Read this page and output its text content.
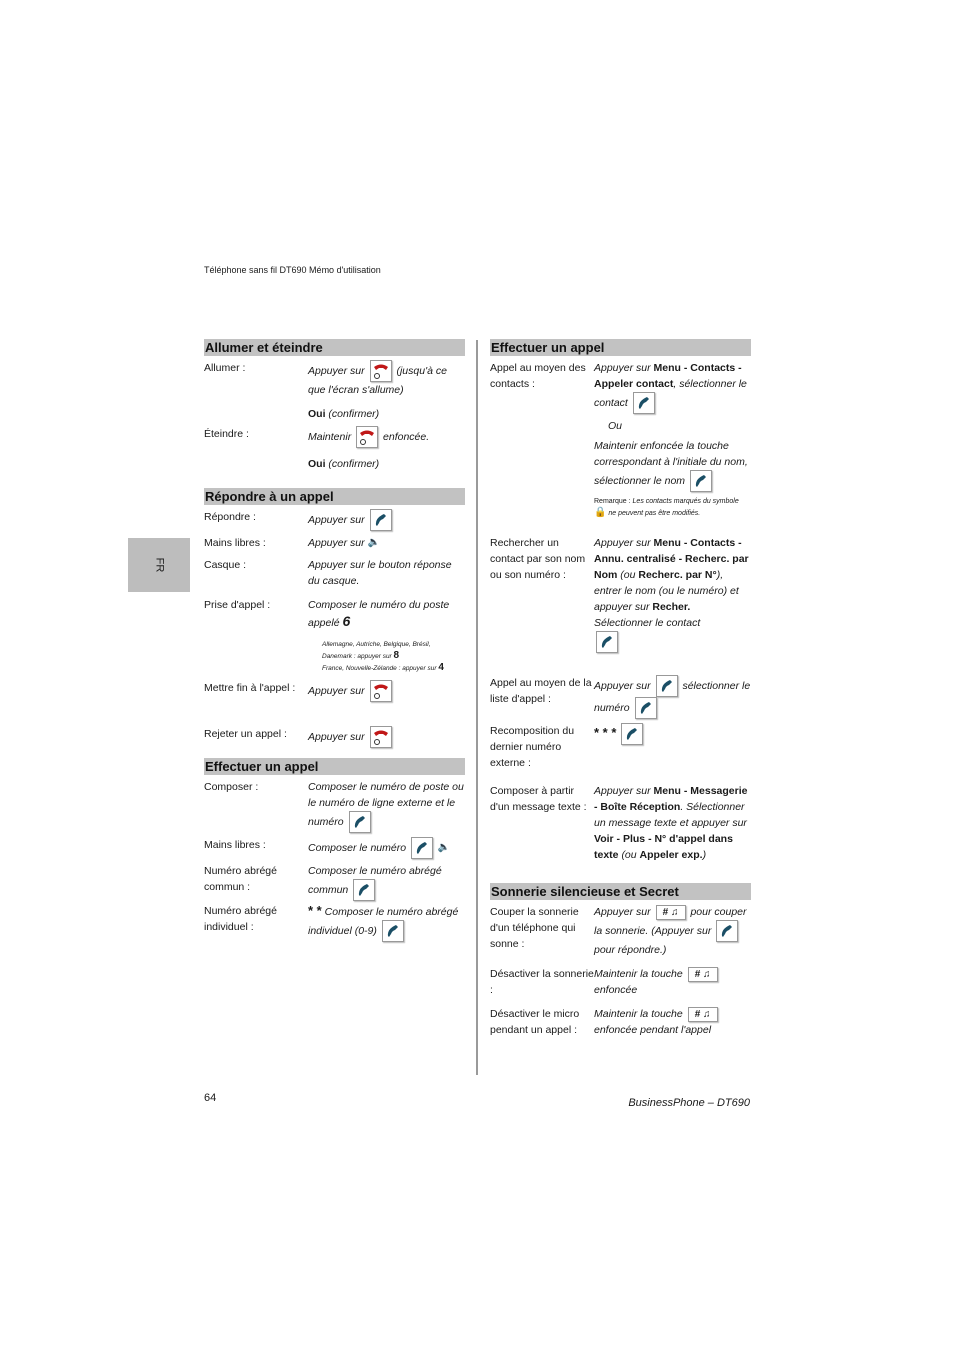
Téléphone sans fil DT690 Mémo d'utilisation
FR
Allumer et éteindre
Allumer :	Appuyer sur	(jusqu'à ce que l'écran s'allume)
Oui (confirmer)
Éteindre :	Maintenir	enfoncée.
Oui (confirmer)
Répondre à un appel
Répondre :	Appuyer sur
Mains libres :	Appuyer sur 🔈
Casque :	Appuyer sur le bouton réponse du casque.
Prise d'appel :	Composer le numéro du poste appelé 6
Allemagne, Autriche, Belgique, Brésil,
Danemark : appuyer sur 8
France, Nouvelle-Zélande : appuyer sur 4
Mettre fin à l'appel :	Appuyer sur
Rejeter un appel :	Appuyer sur
Effectuer un appel
Composer :	Composer le numéro de poste ou le numéro de ligne externe et le numéro
Mains libres :	Composer le numéro	🔈
Numéro abrégé commun :
Composer le numéro abrégé commun
Numéro abrégé individuel :
* * Composer le numéro abrégé individuel (0-9)
Effectuer un appel
Appel au moyen des contacts :
Appuyer sur Menu - Contacts - Appeler contact, sélectionner le contact
Ou
Maintenir enfoncée la touche correspondant à l'initiale du nom, sélectionner le nom
Remarque : Les contacts marqués du symbole
🔒 ne peuvent pas être modifiés.
Rechercher un contact par son nom ou son numéro :
Appuyer sur Menu - Contacts - Annu. centralisé - Recherc. par Nom (ou Recherc. par N°), entrer le nom (ou le numéro) et appuyer sur Recher. Sélectionner le contact
Appel au moyen de la liste d'appel :
Appuyer sur	sélectionner le numéro
Recomposition du dernier numéro externe :
* * *
Composer à partir d'un message texte :
Appuyer sur Menu - Messagerie - Boîte Réception. Sélectionner un message texte et appuyer sur Voir - Plus - N° d'appel dans texte (ou Appeler exp.)
Sonnerie silencieuse et Secret
Couper la sonnerie d'un téléphone qui sonne :
Appuyer sur # ♫ pour couper la sonnerie. (Appuyer sur
pour répondre.)
Désactiver la sonnerie :
Maintenir la touche # ♫
enfoncée
Désactiver le micro pendant un appel :
Maintenir la touche # ♫
enfoncée pendant l'appel
64	BusinessPhone – DT690
